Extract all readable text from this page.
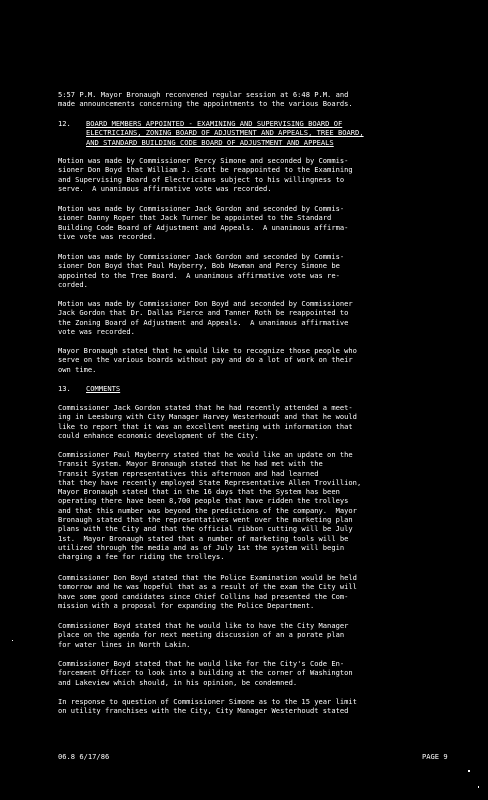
5:57 P.M. Mayor Bronaugh reconvened regular session at 6:48 P.M. and
made announcements concerning the appointments to the various Boards.
12. BOARD MEMBERS APPOINTED - EXAMINING AND SUPERVISING BOARD OF
ELECTRICIANS, ZONING BOARD OF ADJUSTMENT AND APPEALS, TREE BOARD,
AND STANDARD BUILDING CODE BOARD OF ADJUSTMENT AND APPEALS
Motion was made by Commissioner Percy Simone and seconded by Commis-
sioner Don Boyd that William J. Scott be reappointed to the Examining
and Supervising Board of Electricians subject to his willingness to
serve.  A unanimous affirmative vote was recorded.
Motion was made by Commissioner Jack Gordon and seconded by Commis-
sioner Danny Roper that Jack Turner be appointed to the Standard
Building Code Board of Adjustment and Appeals.  A unanimous affirma-
tive vote was recorded.
Motion was made by Commissioner Jack Gordon and seconded by Commis-
sioner Don Boyd that Paul Mayberry, Bob Newman and Percy Simone be
appointed to the Tree Board.  A unanimous affirmative vote was re-
corded.
Motion was made by Commissioner Don Boyd and seconded by Commissioner
Jack Gordon that Dr. Dallas Pierce and Tanner Roth be reappointed to
the Zoning Board of Adjustment and Appeals.  A unanimous affirmative
vote was recorded.
Mayor Bronaugh stated that he would like to recognize those people who
serve on the various boards without pay and do a lot of work on their
own time.
13. COMMENTS
Commissioner Jack Gordon stated that he had recently attended a meet-
ing in Leesburg with City Manager Harvey Westerhoudt and that he would
like to report that it was an excellent meeting with information that
could enhance economic development of the City.
Commissioner Paul Mayberry stated that he would like an update on the
Transit System. Mayor Bronaugh stated that he had met with the
Transit System representatives this afternoon and had learned
that they have recently employed State Representative Allen Trovillion,
Mayor Bronaugh stated that in the 16 days that the System has been
operating there have been 8,700 people that have ridden the trolleys
and that this number was beyond the predictions of the company.  Mayor
Bronaugh stated that the representatives went over the marketing plan
plans with the City and that the official ribbon cutting will be July
1st.  Mayor Bronaugh stated that a number of marketing tools will be
utilized through the media and as of July 1st the system will begin
charging a fee for riding the trolleys.
Commissioner Don Boyd stated that the Police Examination would be held
tomorrow and he was hopeful that as a result of the exam the City will
have some good candidates since Chief Collins had presented the Com-
mission with a proposal for expanding the Police Department.
Commissioner Boyd stated that he would like to have the City Manager
place on the agenda for next meeting discussion of an a porate plan
for water lines in North Lakin.
Commissioner Boyd stated that he would like for the City's Code En-
forcement Officer to look into a building at the corner of Washington
and Lakeview which should, in his opinion, be condemned.
In response to question of Commissioner Simone as to the 15 year limit
on utility franchises with the City, City Manager Westerhoudt stated
06.8 6/17/86	PAGE 9
